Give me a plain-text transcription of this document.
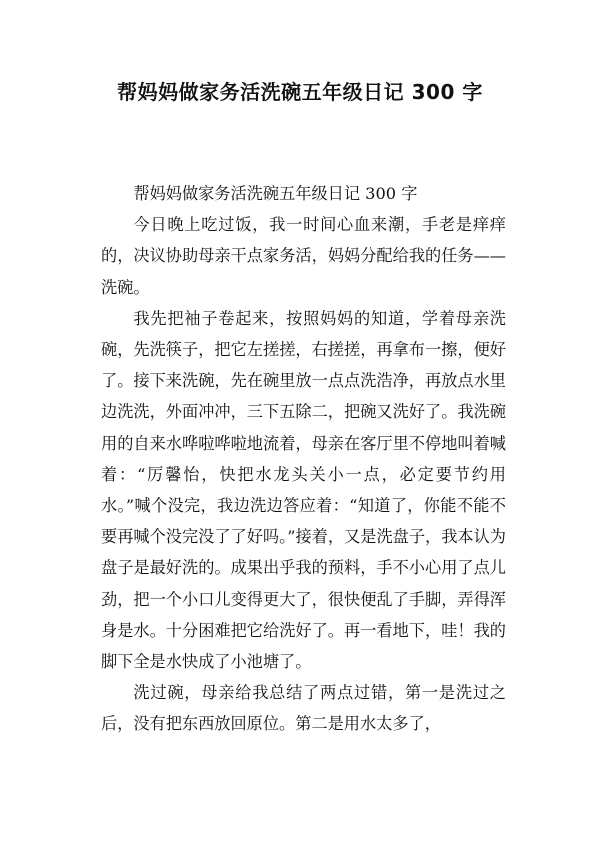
帮妈妈做家务活洗碗五年级日记 300 字

帮妈妈做家务活洗碗五年级日记 300 字

今日晚上吃过饭，我一时间心血来潮，手老是痒痒的，决议协助母亲干点家务活，妈妈分配给我的任务——洗碗。

我先把袖子卷起来，按照妈妈的知道，学着母亲洗碗，先洗筷子，把它左搓搓，右搓搓，再拿布一擦，便好了。接下来洗碗，先在碗里放一点点洗浩净，再放点水里边洗洗，外面冲冲，三下五除二，把碗又洗好了。我洗碗用的自来水哗啦哗啦地流着，母亲在客厅里不停地叫着喊着：“厉馨怡，快把水龙头关小一点，必定要节约用水。”喊个没完，我边洗边答应着：“知道了，你能不能不要再喊个没完没了了好吗。”接着，又是洗盘子，我本认为盘子是最好洗的。成果出乎我的预料，手不小心用了点儿劲，把一个小口儿变得更大了，很快便乱了手脚，弄得浑身是水。十分困难把它给洗好了。再一看地下，哇！我的脚下全是水快成了小池塘了。

洗过碗，母亲给我总结了两点过错，第一是洗过之后，没有把东西放回原位。第二是用水太多了，
